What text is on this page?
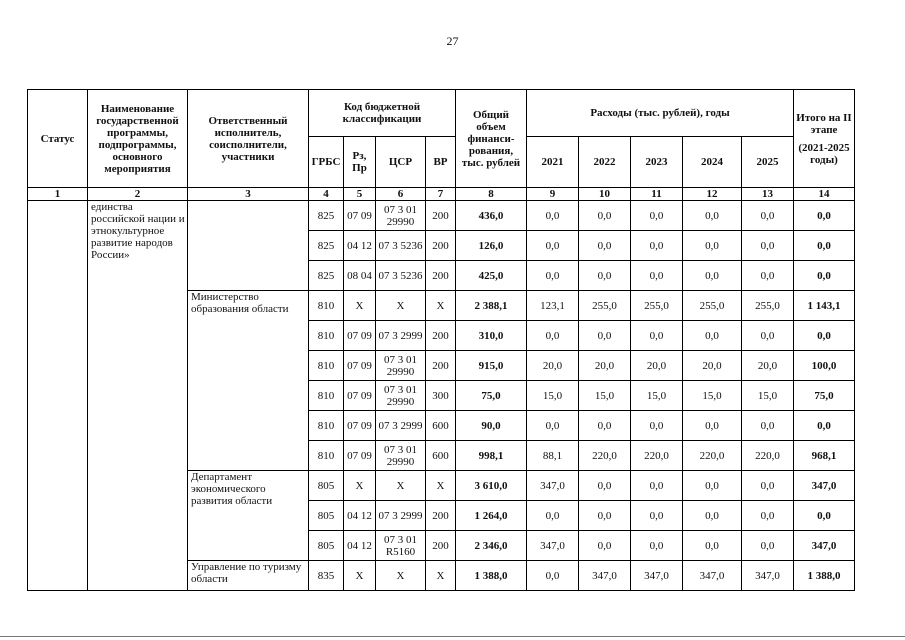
27
Статус	Наименование государственной программы, подпрограммы, основного мероприятия	Ответственный исполнитель, соисполнители, участники	Код бюджетной классификации				Общий объем финанси-рования, тыс. рублей	Расходы (тыс. рублей), годы					Итого на II этапе
(2021-2025 годы)

			ГРБС	Рз, Пр	ЦСР	ВР		2021	2022	2023	2024	2025	
1	2	3	4	5	6	7	8	9	10	11	12	13	14
	единства российской нации и этнокультурное развитие народов России»		825	07 09	07 3 01 29990	200	436,0	0,0	0,0	0,0	0,0	0,0	0,0
			825	04 12	07 3 5236	200	126,0	0,0	0,0	0,0	0,0	0,0	0,0
			825	08 04	07 3 5236	200	425,0	0,0	0,0	0,0	0,0	0,0	0,0
		Министерство образования области	810	Х	Х	Х	2 388,1	123,1	255,0	255,0	255,0	255,0	1 143,1
			810	07 09	07 3 2999	200	310,0	0,0	0,0	0,0	0,0	0,0	0,0
			810	07 09	07 3 01 29990	200	915,0	20,0	20,0	20,0	20,0	20,0	100,0
			810	07 09	07 3 01 29990	300	75,0	15,0	15,0	15,0	15,0	15,0	75,0
			810	07 09	07 3 2999	600	90,0	0,0	0,0	0,0	0,0	0,0	0,0
			810	07 09	07 3 01 29990	600	998,1	88,1	220,0	220,0	220,0	220,0	968,1
		Департамент экономического развития области	805	Х	Х	Х	3 610,0	347,0	0,0	0,0	0,0	0,0	347,0
			805	04 12	07 3 2999	200	1 264,0	0,0	0,0	0,0	0,0	0,0	0,0
			805	04 12	07 3 01 R5160	200	2 346,0	347,0	0,0	0,0	0,0	0,0	347,0
		Управление по туризму области	835	Х	Х	Х	1 388,0	0,0	347,0	347,0	347,0	347,0	1 388,0
